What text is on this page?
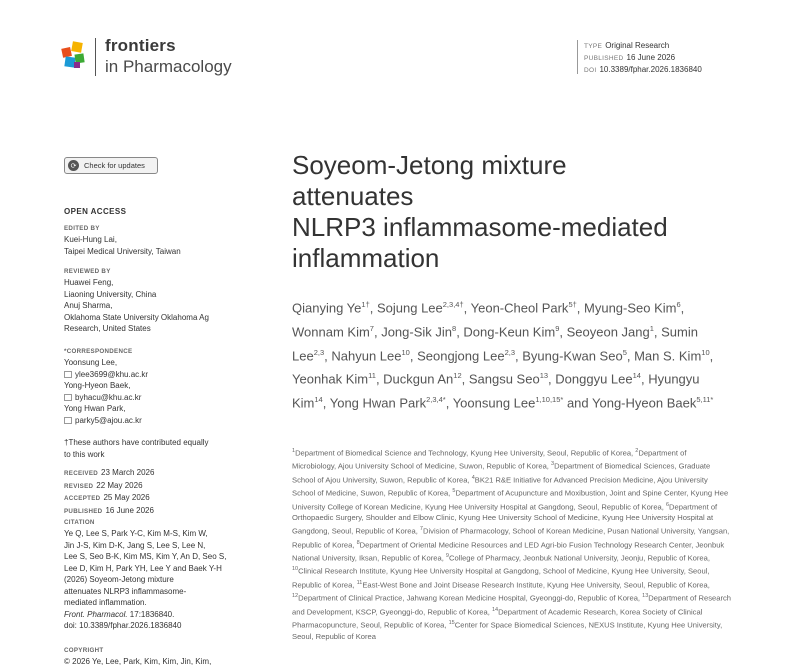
frontiers
in Pharmacology
TYPE Original Research
PUBLISHED 16 June 2026
DOI 10.3389/fphar.2026.1836840
⟳	Check for updates
OPEN ACCESS
EDITED BY
Kuei-Hung Lai,
Taipei Medical University, Taiwan
REVIEWED BY
Huawei Feng,
Liaoning University, China
Anuj Sharma,
Oklahoma State University Oklahoma Ag
Research, United States
*CORRESPONDENCE
Yoonsung Lee,
ylee3699@khu.ac.kr
Yong-Hyeon Baek,
byhacu@khu.ac.kr
Yong Hwan Park,
parky5@ajou.ac.kr
†These authors have contributed equally
to this work
RECEIVED 23 March 2026
REVISED 22 May 2026
ACCEPTED 25 May 2026
PUBLISHED 16 June 2026
CITATION
Ye Q, Lee S, Park Y-C, Kim M-S, Kim W,
Jin J-S, Kim D-K, Jang S, Lee S, Lee N,
Lee S, Seo B-K, Kim MS, Kim Y, An D, Seo S,
Lee D, Kim H, Park YH, Lee Y and Baek Y-H
(2026) Soyeom-Jetong mixture
attenuates NLRP3 inflammasome-
mediated inflammation.
Front. Pharmacol. 17:1836840.
doi: 10.3389/fphar.2026.1836840
COPYRIGHT
© 2026 Ye, Lee, Park, Kim, Kim, Jin, Kim,
Soyeom-Jetong mixture
attenuates
NLRP3 inflammasome-mediated
inflammation
Qianying $Ye^{1\dagger}$, Sojung Lee$^{2,3,4\dagger}$, Yeon-Cheol Park$^{5\dagger}$, Myung-Seo Kim$^6$, Wonnam Kim$^7$, Jong-Sik Jin$^8$, Dong-Keun Kim$^9$, Seoyeon Jang$^1$, Sumin Lee$^{2,3}$, Nahyun Lee$^{10}$, Seongjong Lee$^{2,3}$, Byung-Kwan Seo$^5$, Man S. Kim$^{10}$, Yeonhak Kim$^{11}$, Duckgun An$^{12}$, Sangsu Seo$^{13}$, Donggyu Lee$^{14}$, Hyungyu Kim$^{14}$, Yong Hwan Park$^{2,3,4*}$, Yoonsung Lee$^{1,10,15*}$ and Yong-Hyeon Baek$^{5,11*}$
$^1$Department of Biomedical Science and Technology, Kyung Hee University, Seoul, Republic of Korea, $^2$Department of Microbiology, Ajou University School of Medicine, Suwon, Republic of Korea, $^3$Department of Biomedical Sciences, Graduate School of Ajou University, Suwon, Republic of Korea, $^4$BK21 R&E Initiative for Advanced Precision Medicine, Ajou University School of Medicine, Suwon, Republic of Korea, $^5$Department of Acupuncture and Moxibustion, Joint and Spine Center, Kyung Hee University College of Korean Medicine, Kyung Hee University Hospital at Gangdong, Seoul, Republic of Korea, $^6$Department of Orthopaedic Surgery, Shoulder and Elbow Clinic, Kyung Hee University School of Medicine, Kyung Hee University Hospital at Gangdong, Seoul, Republic of Korea, $^7$Division of Pharmacology, School of Korean Medicine, Pusan National University, Yangsan, Republic of Korea, $^8$Department of Oriental Medicine Resources and LED Agri-bio Fusion Technology Research Center, Jeonbuk National University, Iksan, Republic of Korea, $^9$College of Pharmacy, Jeonbuk National University, Jeonju, Republic of Korea, $^{10}$Clinical Research Institute, Kyung Hee University Hospital at Gangdong, School of Medicine, Kyung Hee University, Seoul, Republic of Korea, $^{11}$East-West Bone and Joint Disease Research Institute, Kyung Hee University, Seoul, Republic of Korea, $^{12}$Department of Clinical Practice, Jahwang Korean Medicine Hospital, Gyeonggi-do, Republic of Korea, $^{13}$Department of Research and Development, KSCP, Gyeonggi-do, Republic of Korea, $^{14}$Department of Academic Research, Korea Society of Clinical Pharmacopuncture, Seoul, Republic of Korea, $^{15}$Center for Space Biomedical Sciences, NEXUS Institute, Kyung Hee University, Seoul, Republic of Korea
